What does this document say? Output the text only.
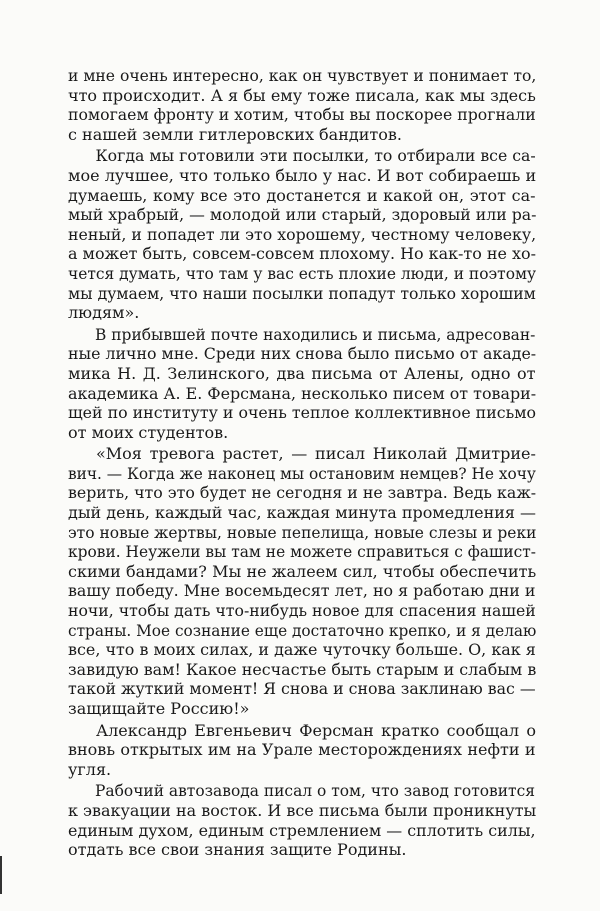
и мне очень интересно, как он чувствует и понимает то,
что происходит. А я бы ему тоже писала, как мы здесь
помогаем фронту и хотим, чтобы вы поскорее прогнали
с нашей земли гитлеровских бандитов.
Когда мы готовили эти посылки, то отбирали все са-
мое лучшее, что только было у нас. И вот собираешь и
думаешь, кому все это достанется и какой он, этот са-
мый храбрый, — молодой или старый, здоровый или ра-
неный, и попадет ли это хорошему, честному человеку,
а может быть, совсем-совсем плохому. Но как-то не хо-
чется думать, что там у вас есть плохие люди, и поэтому
мы думаем, что наши посылки попадут только хорошим
людям».
В прибывшей почте находились и письма, адресован-
ные лично мне. Среди них снова было письмо от акаде-
мика Н. Д. Зелинского, два письма от Алены, одно от
академика А. Е. Ферсмана, несколько писем от товари-
щей по институту и очень теплое коллективное письмо
от моих студентов.
«Моя тревога растет, — писал Николай Дмитрие-
вич. — Когда же наконец мы остановим немцев? Не хочу
верить, что это будет не сегодня и не завтра. Ведь каж-
дый день, каждый час, каждая минута промедления —
это новые жертвы, новые пепелища, новые слезы и реки
крови. Неужели вы там не можете справиться с фашист-
скими бандами? Мы не жалеем сил, чтобы обеспечить
вашу победу. Мне восемьдесят лет, но я работаю дни и
ночи, чтобы дать что-нибудь новое для спасения нашей
страны. Мое сознание еще достаточно крепко, и я делаю
все, что в моих силах, и даже чуточку больше. О, как я
завидую вам! Какое несчастье быть старым и слабым в
такой жуткий момент! Я снова и снова заклинаю вас —
защищайте Россию!»
Александр Евгеньевич Ферсман кратко сообщал о
вновь открытых им на Урале месторождениях нефти и
угля.
Рабочий автозавода писал о том, что завод готовится
к эвакуации на восток. И все письма были проникнуты
единым духом, единым стремлением — сплотить силы,
отдать все свои знания защите Родины.
